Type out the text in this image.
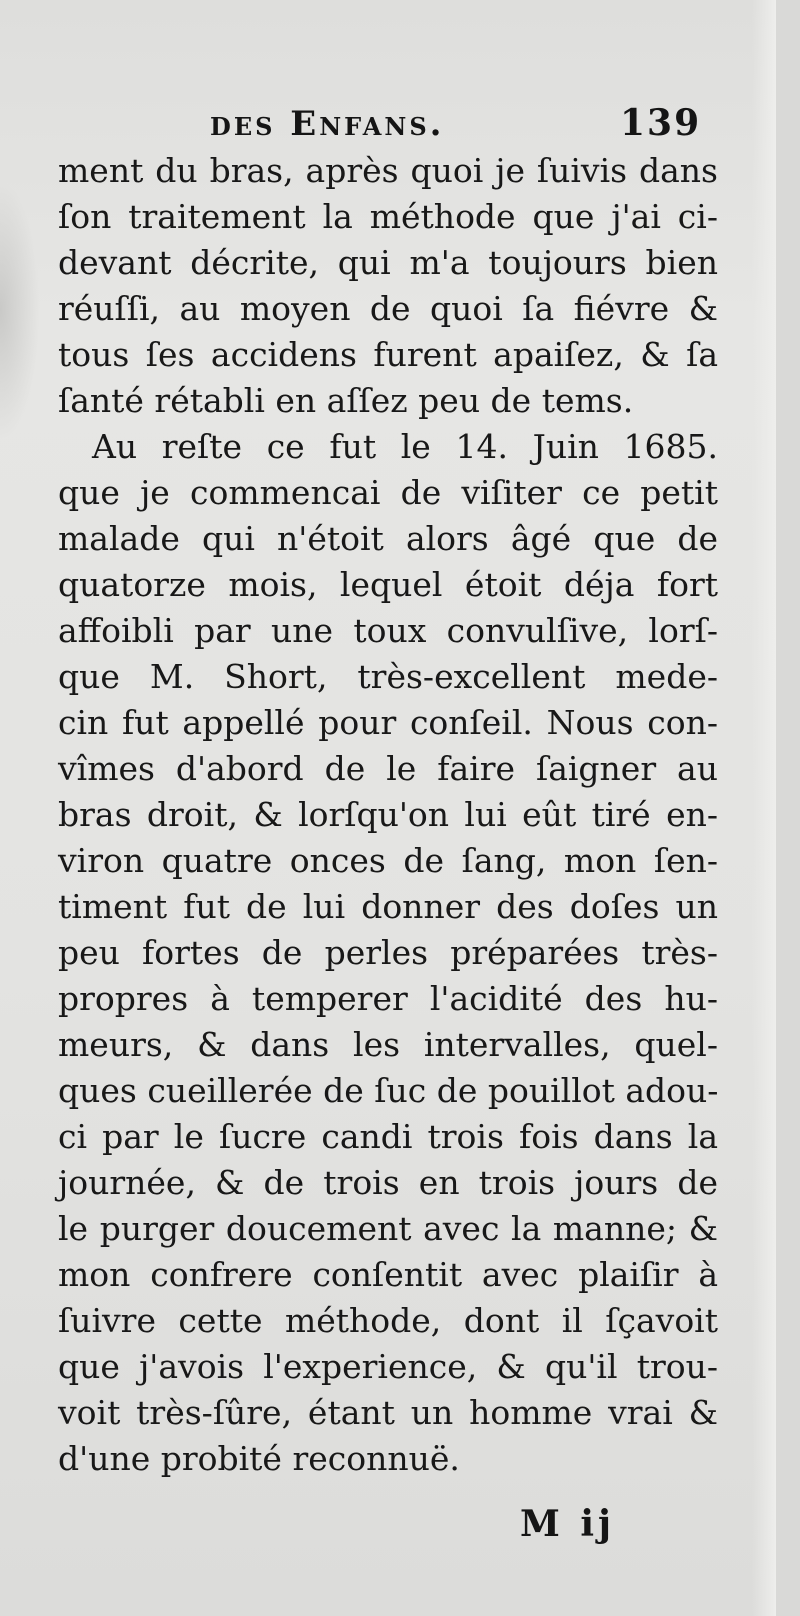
des Enfans.	139
ment du bras, après quoi je ſuivis dans
ſon traitement la méthode que j'ai ci-
devant décrite, qui m'a toujours bien
réuſſi, au moyen de quoi ſa fiévre &
tous ſes accidens furent apaiſez, & ſa
ſanté rétabli en aſſez peu de tems.
Au reſte ce fut le 14. Juin 1685.
que je commencai de viſiter ce petit
malade qui n'étoit alors âgé que de
quatorze mois, lequel étoit déja fort
affoibli par une toux convulſive, lorſ-
que M. Short, très-excellent mede-
cin fut appellé pour conſeil. Nous con-
vîmes d'abord de le faire ſaigner au
bras droit, & lorſqu'on lui eût tiré en-
viron quatre onces de ſang, mon ſen-
timent fut de lui donner des doſes un
peu fortes de perles préparées très-
propres à temperer l'acidité des hu-
meurs, & dans les intervalles, quel-
ques cueillerée de ſuc de pouillot adou-
ci par le ſucre candi trois fois dans la
journée, & de trois en trois jours de
le purger doucement avec la manne; &
mon confrere conſentit avec plaiſir à
ſuivre cette méthode, dont il ſçavoit
que j'avois l'experience, & qu'il trou-
voit très-ſûre, étant un homme vrai &
d'une probité reconnuë.
M ij
